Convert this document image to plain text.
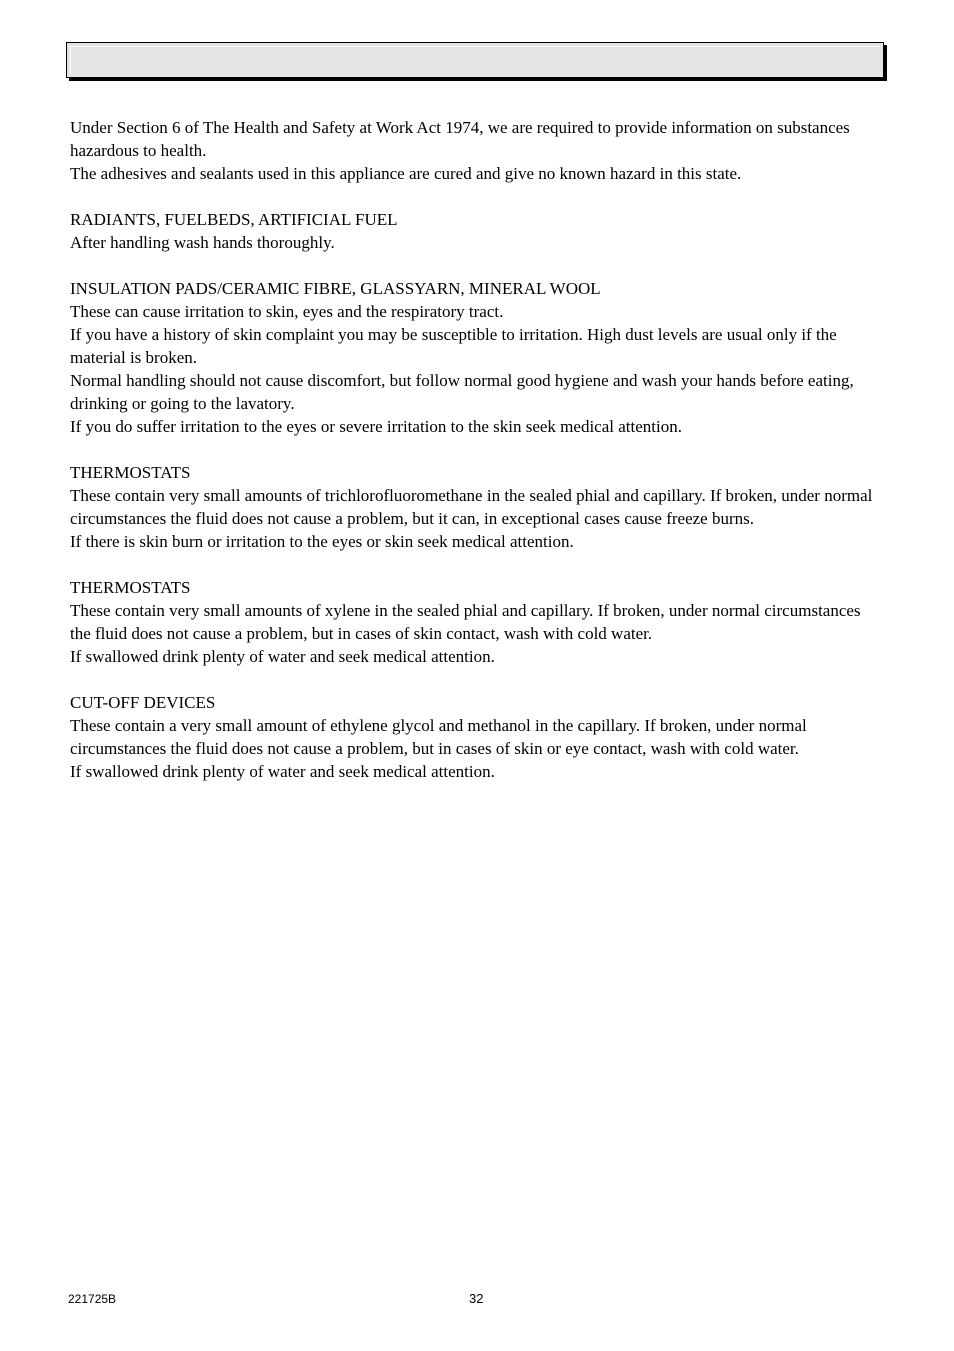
Under Section 6 of The Health and Safety at Work Act 1974, we are required to provide information on substances hazardous to health.

The adhesives and sealants used in this appliance are cured and give no known hazard in this state.

RADIANTS, FUELBEDS, ARTIFICIAL FUEL

After handling wash hands thoroughly.

INSULATION PADS/CERAMIC FIBRE, GLASSYARN, MINERAL WOOL

These can cause irritation to skin, eyes and the respiratory tract.

If you have a history of skin complaint you may be susceptible to irritation. High dust levels are usual only if the material is broken.

Normal handling should not cause discomfort, but follow normal good hygiene and wash your hands before eating, drinking or going to the lavatory.

If you do suffer irritation to the eyes or severe irritation to the skin seek medical attention.

THERMOSTATS

These contain very small amounts of trichlorofluoromethane in the sealed phial and capillary. If broken, under normal circumstances the fluid does not cause a problem, but it can, in exceptional cases cause freeze burns.

If there is skin burn or irritation to the eyes or skin seek medical attention.

THERMOSTATS

These contain very small amounts of xylene in the sealed phial and capillary. If broken, under normal circumstances the fluid does not cause a problem, but in cases of skin contact, wash with cold water.

If swallowed drink plenty of water and seek medical attention.

CUT-OFF DEVICES

These contain a very small amount of ethylene glycol and methanol in the capillary. If broken, under normal circumstances the fluid does not cause a problem, but in cases of skin or eye contact, wash with cold water.

If swallowed drink plenty of water and seek medical attention.

221725B	32
